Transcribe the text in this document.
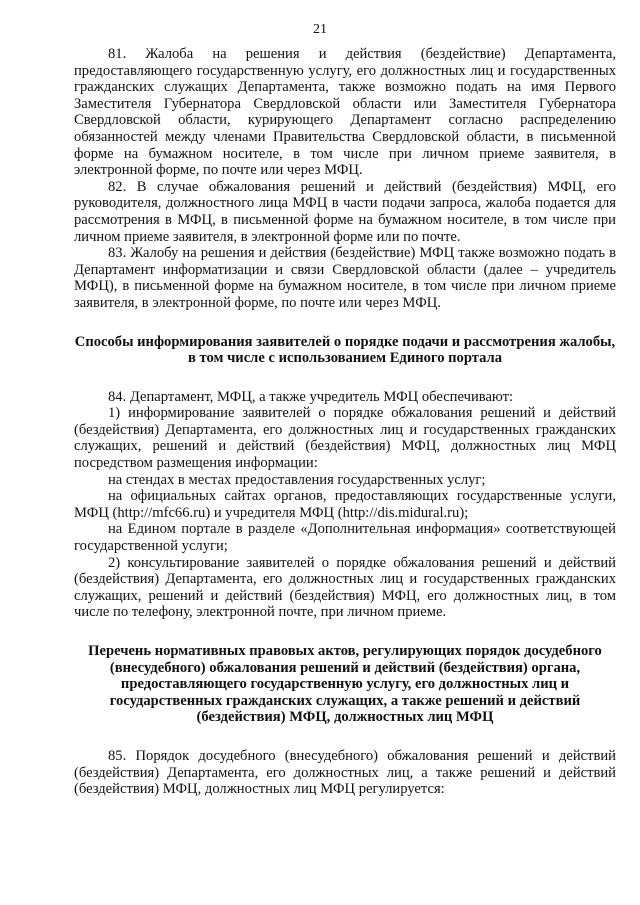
21

81. Жалоба на решения и действия (бездействие) Департамента, предоставляющего государственную услугу, его должностных лиц и государственных гражданских служащих Департамента, также возможно подать на имя Первого Заместителя Губернатора Свердловской области или Заместителя Губернатора Свердловской области, курирующего Департамент согласно распределению обязанностей между членами Правительства Свердловской области, в письменной форме на бумажном носителе, в том числе при личном приеме заявителя, в электронной форме, по почте или через МФЦ.

82. В случае обжалования решений и действий (бездействия) МФЦ, его руководителя, должностного лица МФЦ в части подачи запроса, жалоба подается для рассмотрения в МФЦ, в письменной форме на бумажном носителе, в том числе при личном приеме заявителя, в электронной форме или по почте.

83. Жалобу на решения и действия (бездействие) МФЦ также возможно подать в Департамент информатизации и связи Свердловской области (далее – учредитель МФЦ), в письменной форме на бумажном носителе, в том числе при личном приеме заявителя, в электронной форме, по почте или через МФЦ.

Способы информирования заявителей о порядке подачи и рассмотрения жалобы, в том числе с использованием Единого портала

84. Департамент, МФЦ, а также учредитель МФЦ обеспечивают:

1) информирование заявителей о порядке обжалования решений и действий (бездействия) Департамента, его должностных лиц и государственных гражданских служащих, решений и действий (бездействия) МФЦ, должностных лиц МФЦ посредством размещения информации:

на стендах в местах предоставления государственных услуг;

на официальных сайтах органов, предоставляющих государственные услуги, МФЦ (http://mfc66.ru) и учредителя МФЦ (http://dis.midural.ru);

на Едином портале в разделе «Дополнительная информация» соответствующей государственной услуги;

2) консультирование заявителей о порядке обжалования решений и действий (бездействия) Департамента, его должностных лиц и государственных гражданских служащих, решений и действий (бездействия) МФЦ, его должностных лиц, в том числе по телефону, электронной почте, при личном приеме.

Перечень нормативных правовых актов, регулирующих порядок досудебного (внесудебного) обжалования решений и действий (бездействия) органа, предоставляющего государственную услугу, его должностных лиц и государственных гражданских служащих, а также решений и действий (бездействия) МФЦ, должностных лиц МФЦ

85. Порядок досудебного (внесудебного) обжалования решений и действий (бездействия) Департамента, его должностных лиц, а также решений и действий (бездействия) МФЦ, должностных лиц МФЦ регулируется:
